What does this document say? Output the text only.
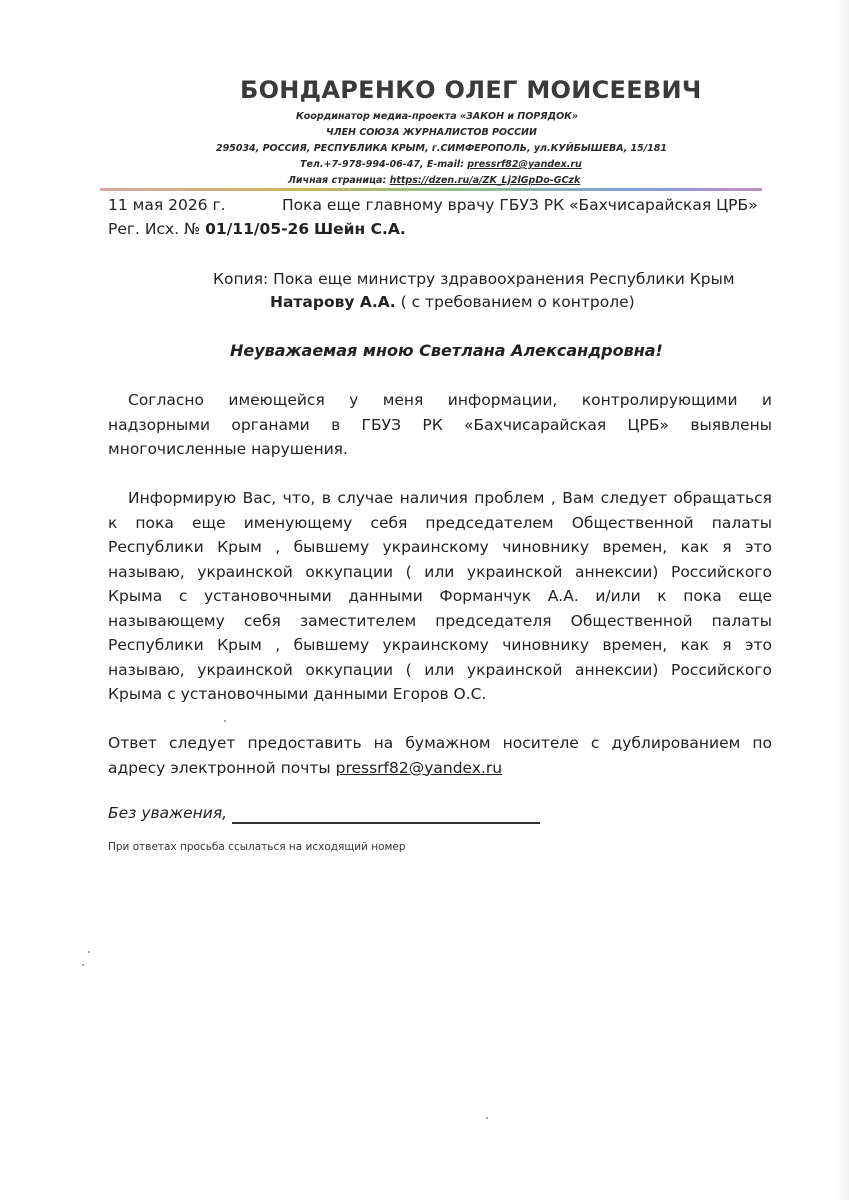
БОНДАРЕНКО ОЛЕГ МОИСЕЕВИЧ
Координатор медиа-проекта «ЗАКОН и ПОРЯДОК»
ЧЛЕН СОЮЗА ЖУРНАЛИСТОВ РОССИИ
295034, РОССИЯ, РЕСПУБЛИКА КРЫМ, г.СИМФЕРОПОЛЬ, ул.КУЙБЫШЕВА, 15/181
Тел.+7-978-994-06-47, E-mail: pressrf82@yandex.ru
Личная страница: https://dzen.ru/a/ZK_Lj2lGpDo-GCzk
11 мая 2026 г.	Пока еще главному врачу ГБУЗ РК «Бахчисарайская ЦРБ»
Рег. Исх. № 01/11/05-26 Шейн С.А.
Копия: Пока еще министру здравоохранения Республики Крым
Натарову А.А. ( с требованием о контроле)
Неуважаемая мною Светлана Александровна!
Согласно имеющейся у меня информации, контролирующими и
надзорными органами в ГБУЗ РК «Бахчисарайская ЦРБ» выявлены
многочисленные нарушения.
Информирую Вас, что, в случае наличия проблем , Вам следует обращаться
к пока еще именующему себя председателем Общественной палаты
Республики Крым , бывшему украинскому чиновнику времен, как я это
называю, украинской оккупации ( или украинской аннексии) Российского
Крыма с установочными данными Форманчук А.А. и/или к пока еще
называющему себя заместителем председателя Общественной палаты
Республики Крым , бывшему украинскому чиновнику времен, как я это
называю, украинской оккупации ( или украинской аннексии) Российского
Крыма с установочными данными Егоров О.С.
Ответ следует предоставить на бумажном носителе с дублированием по
адресу электронной почты pressrf82@yandex.ru
Без уважения,
При ответах просьба ссылаться на исходящий номер
